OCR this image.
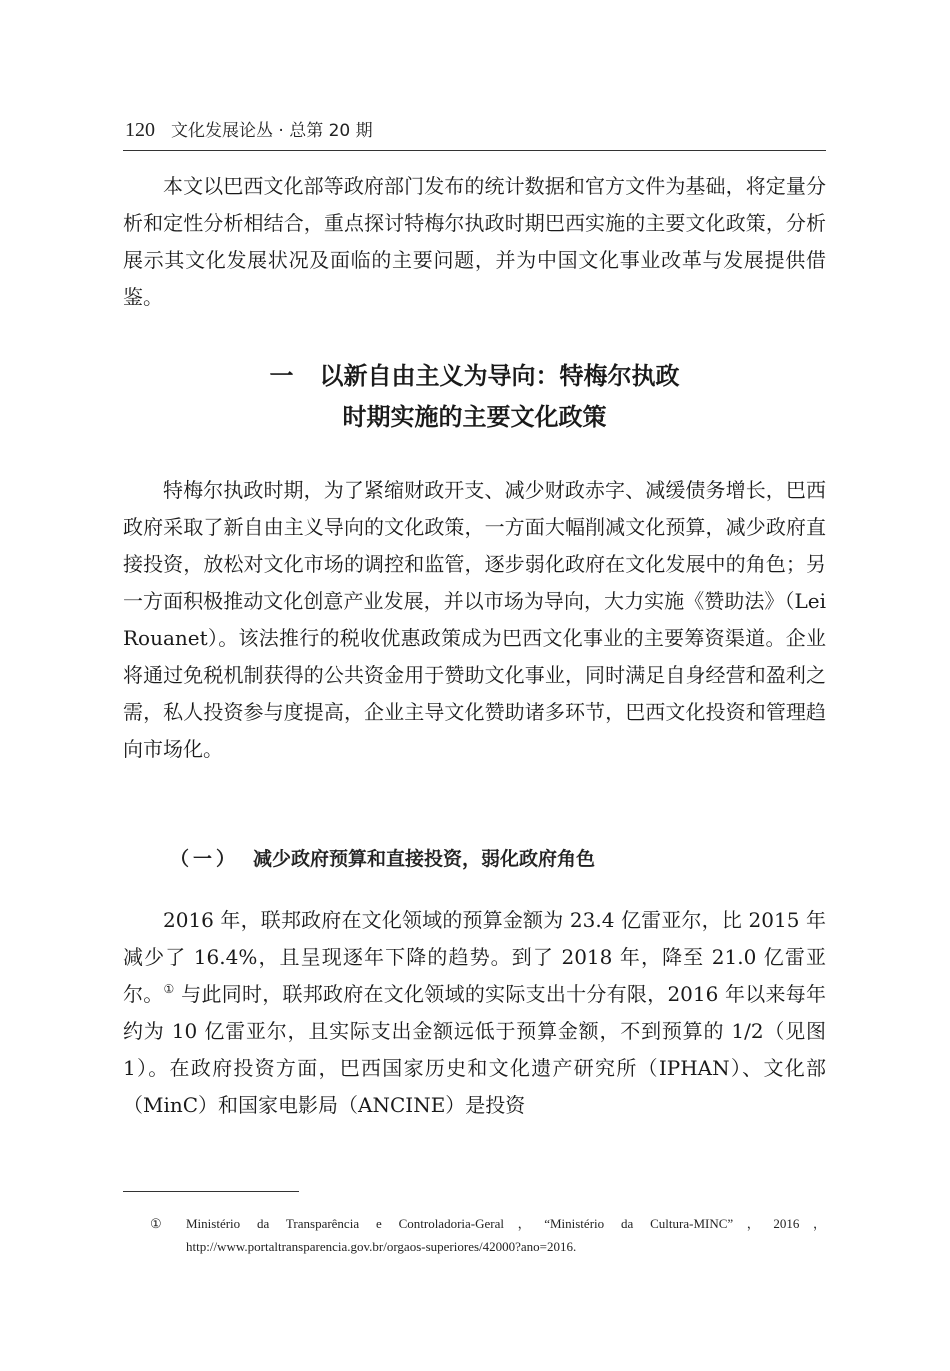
120 文化发展论丛 · 总第 20 期

本文以巴西文化部等政府部门发布的统计数据和官方文件为基础，将定量分析和定性分析相结合，重点探讨特梅尔执政时期巴西实施的主要文化政策，分析展示其文化发展状况及面临的主要问题，并为中国文化事业改革与发展提供借鉴。

一 以新自由主义为导向：特梅尔执政
时期实施的主要文化政策

特梅尔执政时期，为了紧缩财政开支、减少财政赤字、减缓债务增长，巴西政府采取了新自由主义导向的文化政策，一方面大幅削减文化预算，减少政府直接投资，放松对文化市场的调控和监管，逐步弱化政府在文化发展中的角色；另一方面积极推动文化创意产业发展，并以市场为导向，大力实施《赞助法》（Lei Rouanet）。该法推行的税收优惠政策成为巴西文化事业的主要筹资渠道。企业将通过免税机制获得的公共资金用于赞助文化事业，同时满足自身经营和盈利之需，私人投资参与度提高，企业主导文化赞助诸多环节，巴西文化投资和管理趋向市场化。

（一） 减少政府预算和直接投资，弱化政府角色

2016 年，联邦政府在文化领域的预算金额为 23.4 亿雷亚尔，比 2015 年减少了 16.4%，且呈现逐年下降的趋势。到了 2018 年，降至 21.0 亿雷亚尔。① 与此同时，联邦政府在文化领域的实际支出十分有限，2016 年以来每年约为 10 亿雷亚尔，且实际支出金额远低于预算金额，不到预算的 1/2（见图 1）。在政府投资方面，巴西国家历史和文化遗产研究所（IPHAN）、文化部（MinC）和国家电影局（ANCINE）是投资

① Ministério da Transparência e Controladoria-Geral，“Ministério da Cultura-MINC”，2016，http://www.portaltransparencia.gov.br/orgaos-superiores/42000?ano=2016.
